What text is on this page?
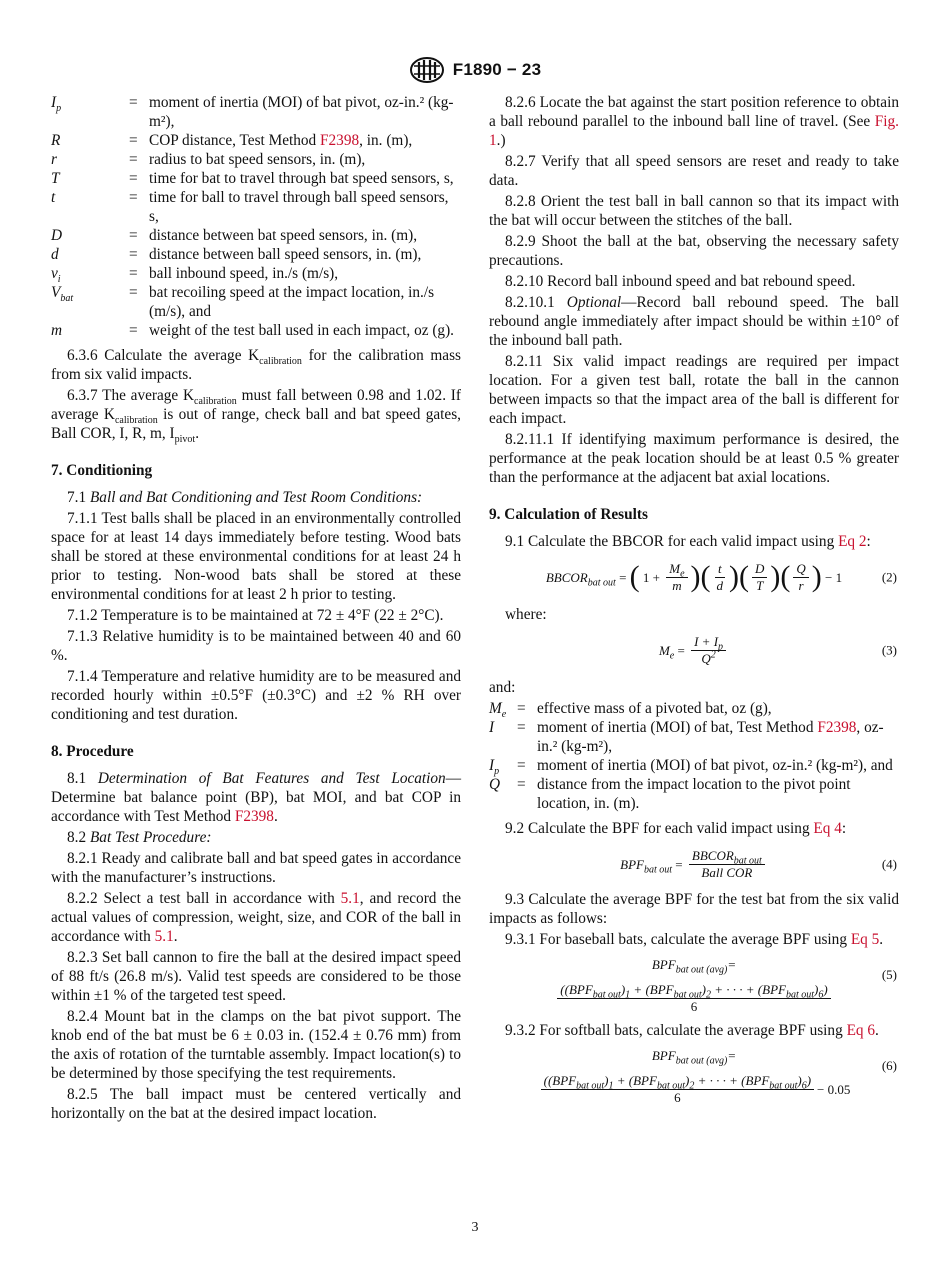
F1890 − 23
$I_p$	=	moment of inertia (MOI) of bat pivot, oz-in.² (kg-m²),
R	=	COP distance, Test Method F2398, in. (m),
r	=	radius to bat speed sensors, in. (m),
T	=	time for bat to travel through bat speed sensors, s,
t	=	time for ball to travel through ball speed sensors, s,
D	=	distance between bat speed sensors, in. (m),
d	=	distance between ball speed sensors, in. (m),
$v_i$	=	ball inbound speed, in./s (m/s),
$V_{bat}$	=	bat recoiling speed at the impact location, in./s (m/s), and
m	=	weight of the test ball used in each impact, oz (g).

6.3.6 Calculate the average $K_{calibration}$ for the calibration mass from six valid impacts.

6.3.7 The average $K_{calibration}$ must fall between 0.98 and 1.02. If average $K_{calibration}$ is out of range, check ball and bat speed gates, Ball COR, I, R, m, $I_{pivot}$.

7. Conditioning

7.1 Ball and Bat Conditioning and Test Room Conditions:

7.1.1 Test balls shall be placed in an environmentally controlled space for at least 14 days immediately before testing. Wood bats shall be stored at these environmental conditions for at least 24 h prior to testing. Non-wood bats shall be stored at these environmental conditions for at least 2 h prior to testing.

7.1.2 Temperature is to be maintained at 72 ± 4°F (22 ± 2°C).

7.1.3 Relative humidity is to be maintained between 40 and 60 %.

7.1.4 Temperature and relative humidity are to be measured and recorded hourly within ±0.5°F (±0.3°C) and ±2 % RH over conditioning and test duration.

8. Procedure

8.1 Determination of Bat Features and Test Location—Determine bat balance point (BP), bat MOI, and bat COP in accordance with Test Method F2398.

8.2 Bat Test Procedure:

8.2.1 Ready and calibrate ball and bat speed gates in accordance with the manufacturer’s instructions.

8.2.2 Select a test ball in accordance with 5.1, and record the actual values of compression, weight, size, and COR of the ball in accordance with 5.1.

8.2.3 Set ball cannon to fire the ball at the desired impact speed of 88 ft/s (26.8 m/s). Valid test speeds are considered to be those within ±1 % of the targeted test speed.

8.2.4 Mount bat in the clamps on the bat pivot support. The knob end of the bat must be 6 ± 0.03 in. (152.4 ± 0.76 mm) from the axis of rotation of the turntable assembly. Impact location(s) to be determined by those specifying the test requirements.

8.2.5 The ball impact must be centered vertically and horizontally on the bat at the desired impact location.

8.2.6 Locate the bat against the start position reference to obtain a ball rebound parallel to the inbound ball line of travel. (See Fig. 1.)

8.2.7 Verify that all speed sensors are reset and ready to take data.

8.2.8 Orient the test ball in ball cannon so that its impact with the bat will occur between the stitches of the ball.

8.2.9 Shoot the ball at the bat, observing the necessary safety precautions.

8.2.10 Record ball inbound speed and bat rebound speed.

8.2.10.1 Optional—Record ball rebound speed. The ball rebound angle immediately after impact should be within ±10° of the inbound ball path.

8.2.11 Six valid impact readings are required per impact location. For a given test ball, rotate the ball in the cannon between impacts so that the impact area of the ball is different for each impact.

8.2.11.1 If identifying maximum performance is desired, the performance at the peak location should be at least 0.5 % greater than the performance at the adjacent bat axial locations.

9. Calculation of Results

9.1 Calculate the BBCOR for each valid impact using Eq 2:

$BBCOR_{bat out}$ = ( $1 + \frac{M_e}{m}$ )( $\frac{t}{d}$ )( $\frac{D}{T}$ )( $\frac{Q}{r}$ ) − 1	(2)

where:

$M_e = \frac{I + I_p}{Q^2}$	(3)

and:

$M_e$	=	effective mass of a pivoted bat, oz (g),
I	=	moment of inertia (MOI) of bat, Test Method F2398, oz-in.² (kg-m²),
$I_p$	=	moment of inertia (MOI) of bat pivot, oz-in.² (kg-m²), and
Q	=	distance from the impact location to the pivot point location, in. (m).

9.2 Calculate the BPF for each valid impact using Eq 4:

$BPF_{bat out} = \frac{BBCOR_{bat out}}{\text{Ball COR}}$	(4)

9.3 Calculate the average BPF for the test bat from the six valid impacts as follows:

9.3.1 For baseball bats, calculate the average BPF using Eq 5.

$BPF_{bat out (avg)}=$
$\frac{((BPF_{bat out})_1 + (BPF_{bat out})_2 + \cdot \cdot \cdot + (BPF_{bat out})_6)}{6}$
(5)

9.3.2 For softball bats, calculate the average BPF using Eq 6.

$BPF_{bat out (avg)}=$
$\frac{((BPF_{bat out})_1 + (BPF_{bat out})_2 + \cdot \cdot \cdot + (BPF_{bat out})_6)}{6} - 0.05$
(6)
3
